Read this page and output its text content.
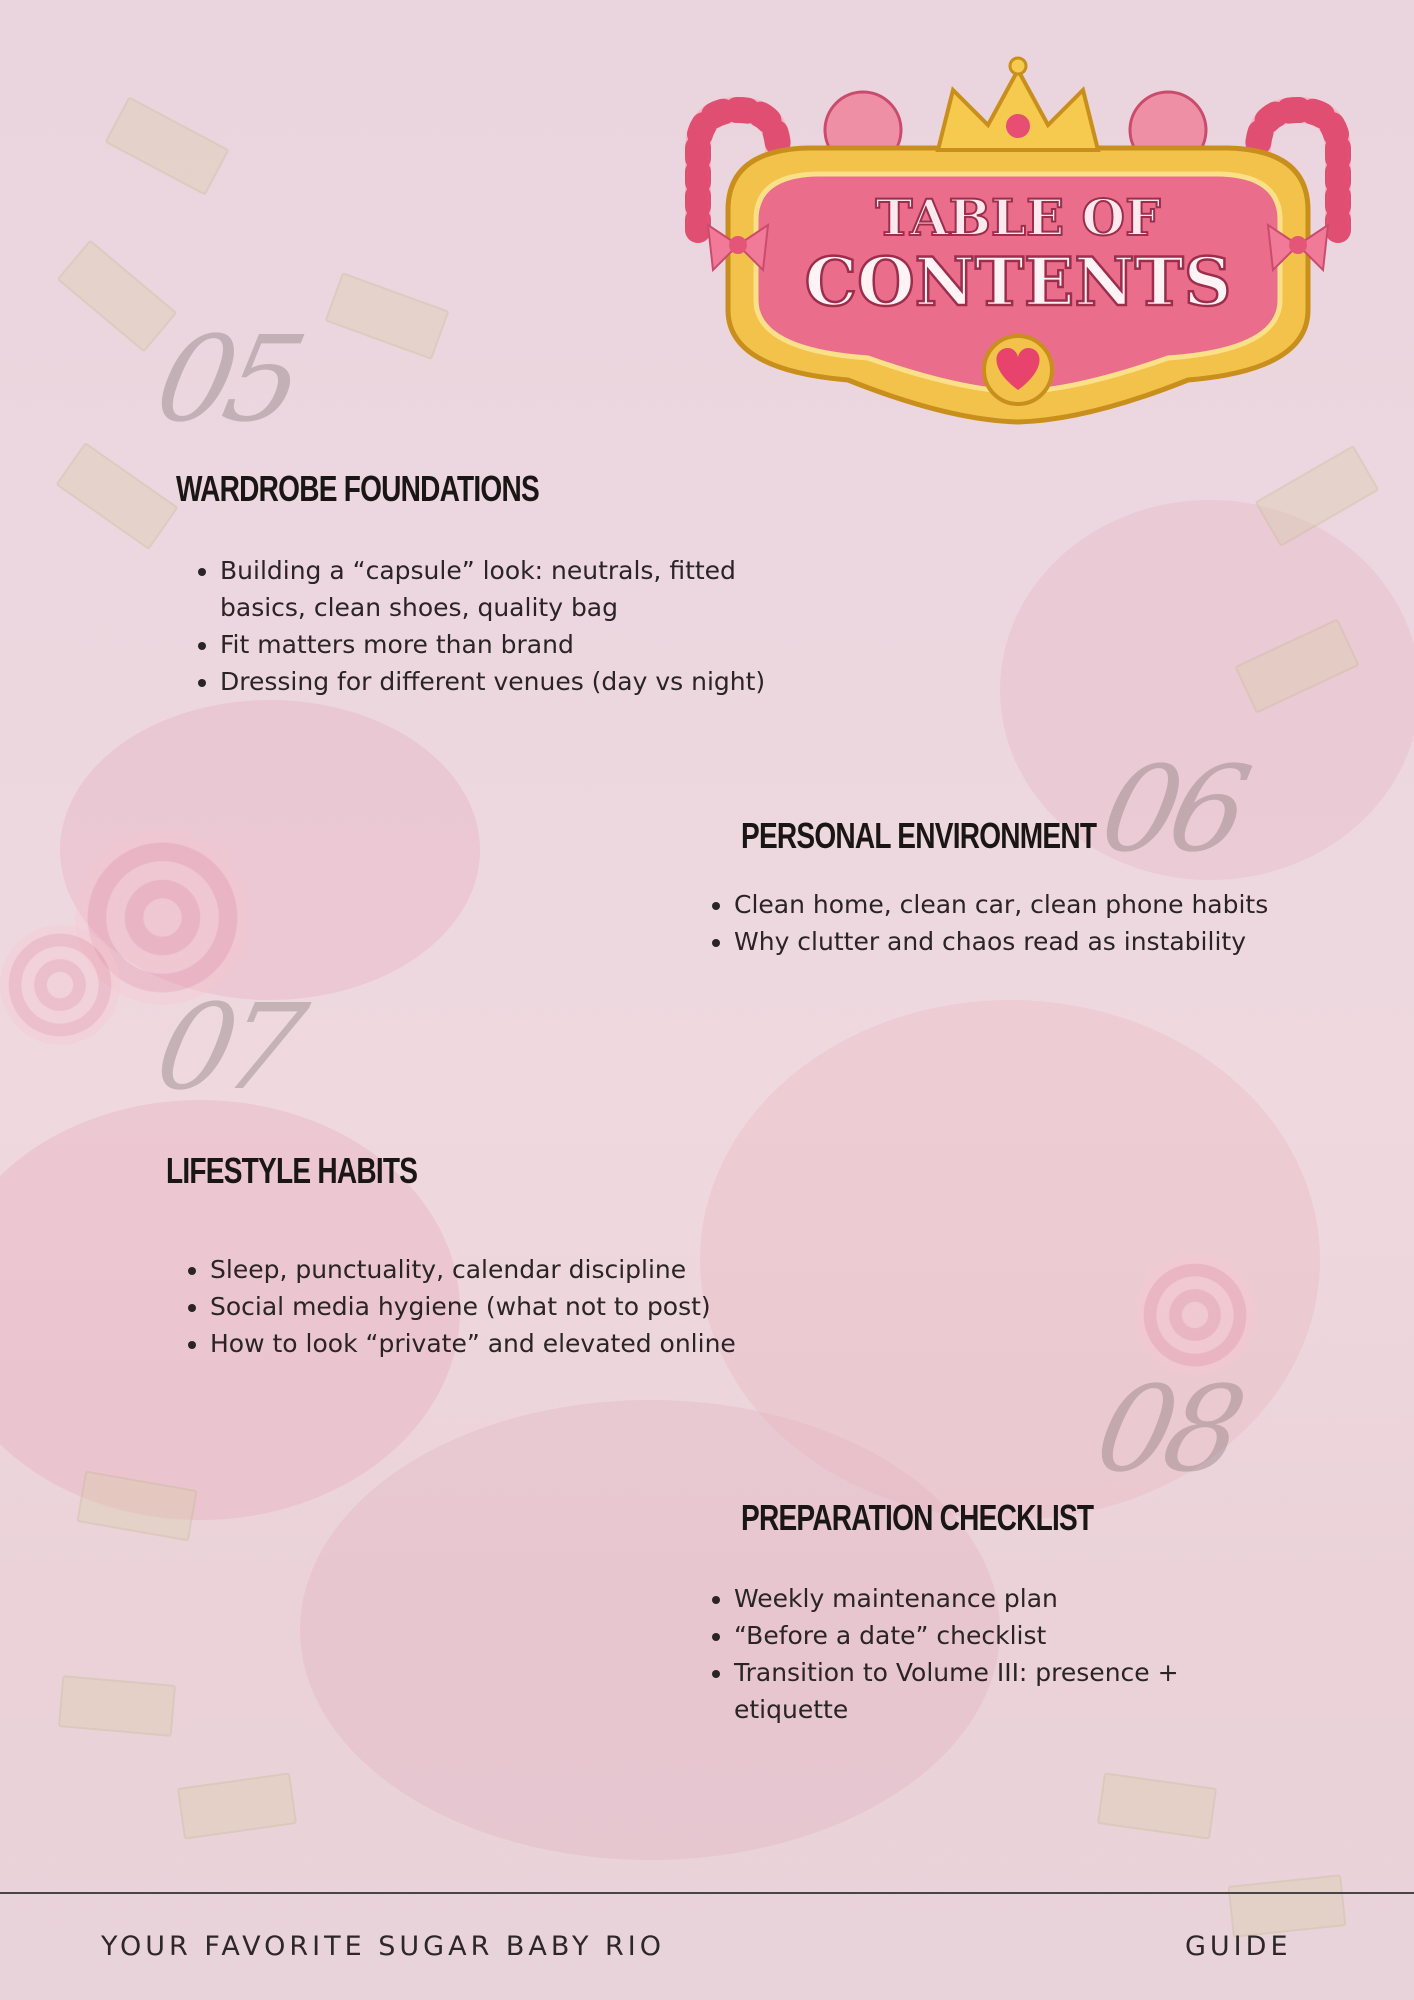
TABLE OF
CONTENTS
05
WARDROBE FOUNDATIONS
• Building a “capsule” look: neutrals, fitted basics, clean shoes, quality bag
• Fit matters more than brand
• Dressing for different venues (day vs night)
06
PERSONAL ENVIRONMENT
• Clean home, clean car, clean phone habits
• Why clutter and chaos read as instability
07
LIFESTYLE HABITS
• Sleep, punctuality, calendar discipline
• Social media hygiene (what not to post)
• How to look “private” and elevated online
08
PREPARATION CHECKLIST
• Weekly maintenance plan
• “Before a date” checklist
• Transition to Volume III: presence + etiquette
YOUR FAVORITE SUGAR BABY RIO	GUIDE
